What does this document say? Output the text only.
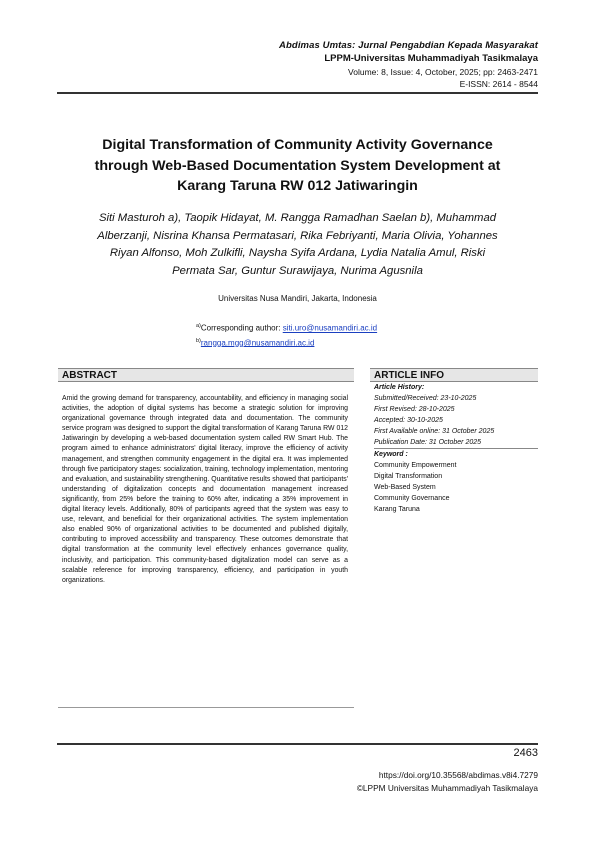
Abdimas Umtas: Jurnal Pengabdian Kepada Masyarakat
LPPM-Universitas Muhammadiyah Tasikmalaya
Volume: 8, Issue: 4, October, 2025; pp: 2463-2471
E-ISSN: 2614 - 8544
Digital Transformation of Community Activity Governance
through Web-Based Documentation System Development at
Karang Taruna RW 012 Jatiwaringin
Siti Masturoh a), Taopik Hidayat, M. Rangga Ramadhan Saelan b), Muhammad
Alberzanji, Nisrina Khansa Permatasari, Rika Febriyanti, Maria Olivia, Yohannes
Riyan Alfonso, Moh Zulkifli, Naysha Syifa Ardana, Lydia Natalia Amul, Riski
Permata Sar, Guntur Surawijaya, Nurima Agusnila
Universitas Nusa Mandiri, Jakarta, Indonesia
$^{a)}$Corresponding author: siti.uro@nusamandiri.ac.id
$^{b)}$rangga.mgg@nusamandiri.ac.id
ABSTRACT
Amid the growing demand for transparency, accountability, and efficiency in managing social activities, the adoption of digital systems has become a strategic solution for improving organizational governance through integrated data and documentation. The community service program was designed to support the digital transformation of Karang Taruna RW 012 Jatiwaringin by developing a web-based documentation system called RW Smart Hub. The program aimed to enhance administrators' digital literacy, improve the efficiency of activity management, and strengthen community engagement in the digital era. It was implemented through five participatory stages: socialization, training, technology implementation, mentoring and evaluation, and sustainability strengthening. Quantitative results showed that participants' understanding of digitalization concepts and documentation management increased significantly, from 25% before the training to 60% after, indicating a 35% improvement in digital literacy levels. Additionally, 80% of participants agreed that the system was easy to use, relevant, and beneficial for their organizational activities. The system implementation also enabled 90% of organizational activities to be documented and published digitally, contributing to improved accessibility and transparency. These outcomes demonstrate that digital transformation at the community level effectively enhances governance quality, inclusivity, and participation. This community-based digitalization model can serve as a scalable reference for improving transparency, efficiency, and participation in youth organizations.
ARTICLE INFO
Article History:
Submitted/Received: 23-10-2025
First Revised: 28-10-2025
Accepted: 30-10-2025
First Available online: 31 October 2025
Publication Date: 31 October 2025
Keyword :
Community Empowerment
Digital Transformation
Web-Based System
Community Governance
Karang Taruna
2463
https://doi.org/10.35568/abdimas.v8i4.7279
©LPPM Universitas Muhammadiyah Tasikmalaya
